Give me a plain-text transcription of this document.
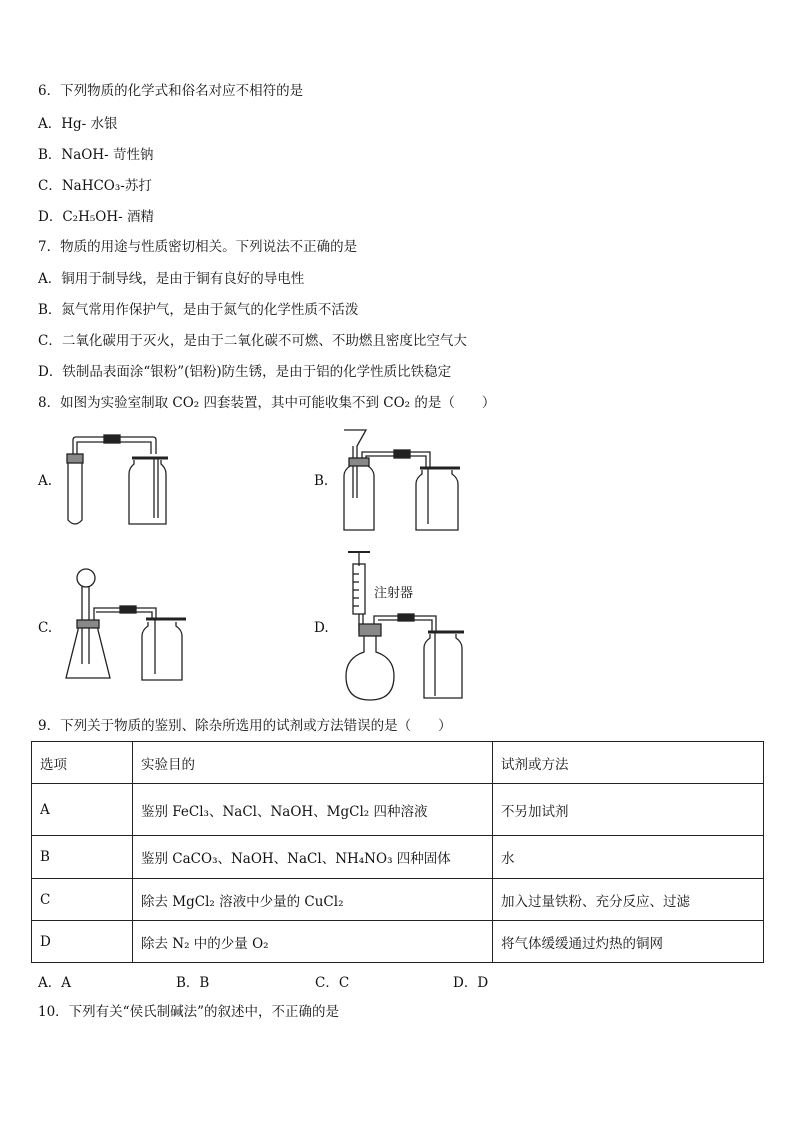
6．下列物质的化学式和俗名对应不相符的是
A．Hg- 水银
B．NaOH- 苛性钠
C．NaHCO₃-苏打
D．C₂H₅OH- 酒精
7．物质的用途与性质密切相关。下列说法不正确的是
A．铜用于制导线，是由于铜有良好的导电性
B．氮气常用作保护气，是由于氮气的化学性质不活泼
C．二氧化碳用于灭火，是由于二氧化碳不可燃、不助燃且密度比空气大
D．铁制品表面涂“银粉”(铝粉)防生锈，是由于铝的化学性质比铁稳定
8．如图为实验室制取 CO₂ 四套装置，其中可能收集不到 CO₂ 的是（　　）
A.	B.
C.	D.
注射器
9．下列关于物质的鉴别、除杂所选用的试剂或方法错误的是（　　）
选项	实验目的	试剂或方法
A	鉴别 FeCl₃、NaCl、NaOH、MgCl₂ 四种溶液	不另加试剂
B	鉴别 CaCO₃、NaOH、NaCl、NH₄NO₃ 四种固体	水
C	除去 MgCl₂ 溶液中少量的 CuCl₂	加入过量铁粉、充分反应、过滤
D	除去 N₂ 中的少量 O₂	将气体缓缓通过灼热的铜网
A．A	B．B	C．C	D．D
10．下列有关“侯氏制碱法”的叙述中，不正确的是
